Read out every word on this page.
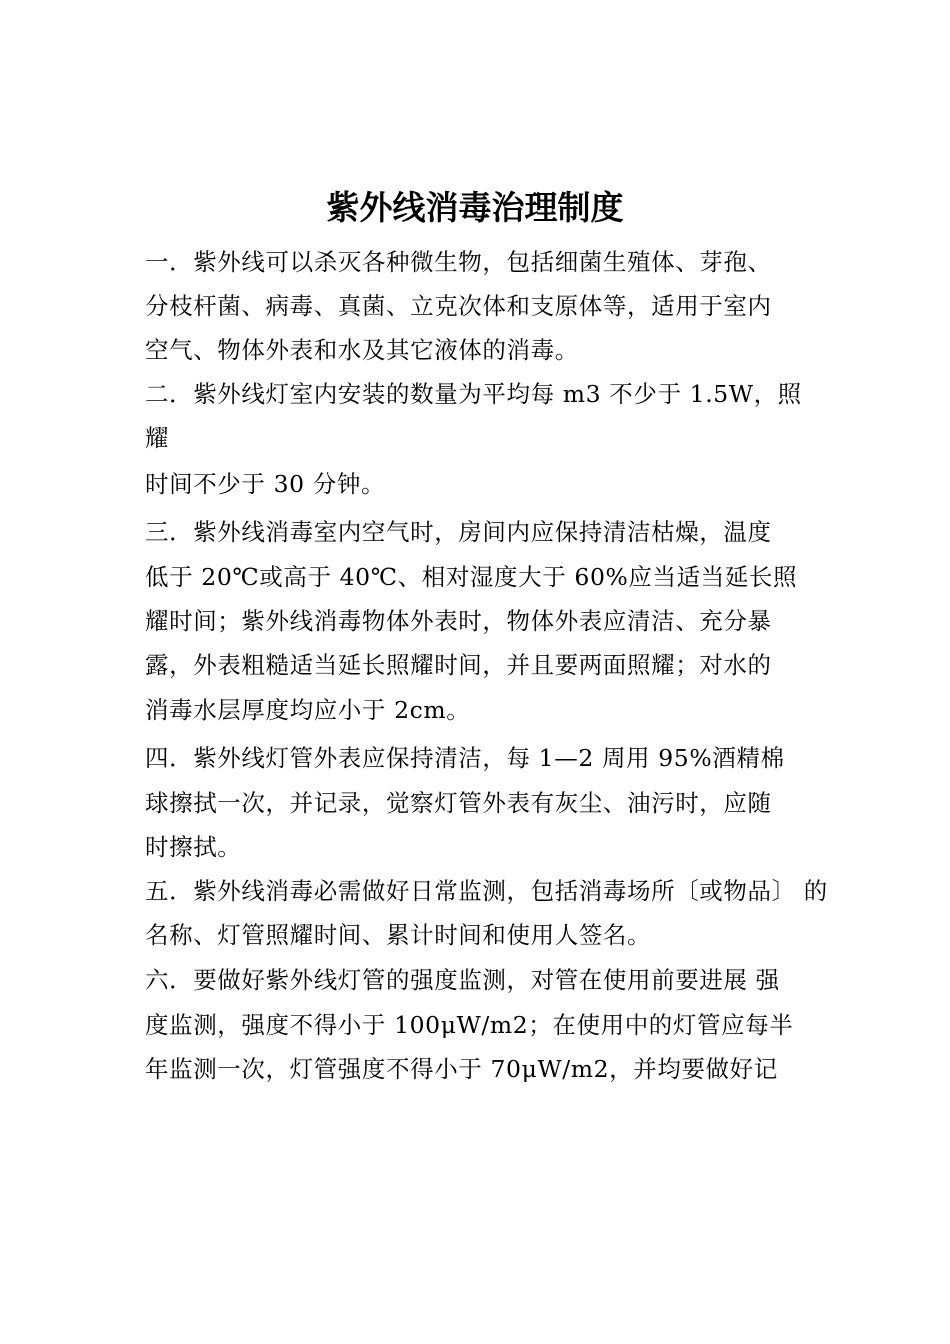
紫外线消毒治理制度

一．紫外线可以杀灭各种微生物，包括细菌生殖体、芽孢、

分枝杆菌、病毒、真菌、立克次体和支原体等，适用于室内

空气、物体外表和水及其它液体的消毒。

二．紫外线灯室内安装的数量为平均每 m3 不少于 1.5W，照

耀

时间不少于 30 分钟。

三．紫外线消毒室内空气时，房间内应保持清洁枯燥，温度

低于 20℃或高于 40℃、相对湿度大于 60%应当适当延长照

耀时间；紫外线消毒物体外表时，物体外表应清洁、充分暴

露，外表粗糙适当延长照耀时间，并且要两面照耀；对水的

消毒水层厚度均应小于 2cm。

四．紫外线灯管外表应保持清洁，每 1—2 周用 95%酒精棉

球擦拭一次，并记录，觉察灯管外表有灰尘、油污时，应随

时擦拭。

五．紫外线消毒必需做好日常监测，包括消毒场所〔或物品〕 的

名称、灯管照耀时间、累计时间和使用人签名。

六．要做好紫外线灯管的强度监测，对管在使用前要进展 强

度监测，强度不得小于 100μW/m2；在使用中的灯管应每半

年监测一次，灯管强度不得小于 70μW/m2，并均要做好记
